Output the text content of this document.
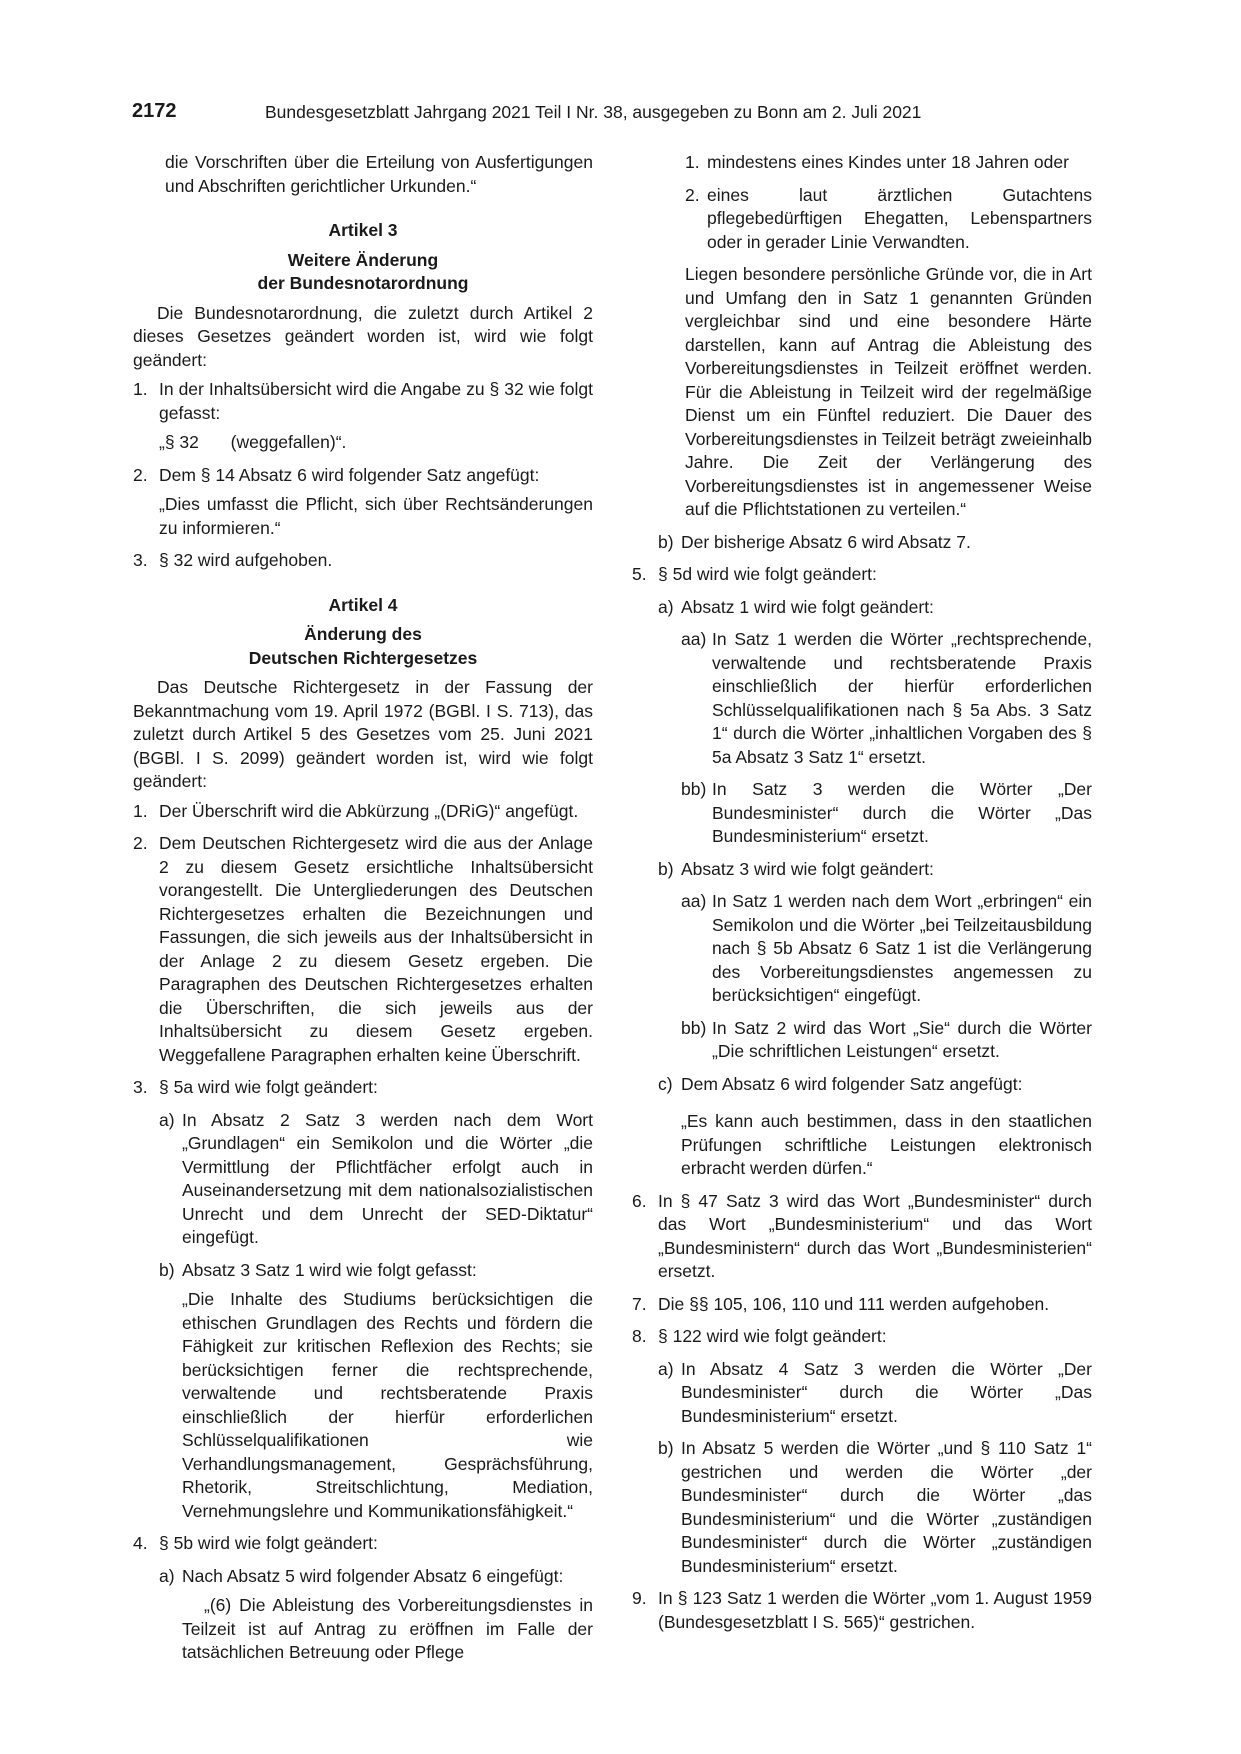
2172	Bundesgesetzblatt Jahrgang 2021 Teil I Nr. 38, ausgegeben zu Bonn am 2. Juli 2021

die Vorschriften über die Erteilung von Ausfertigungen und Abschriften gerichtlicher Urkunden.“

Artikel 3

Weitere Änderung

der Bundesnotarordnung

Die Bundesnotarordnung, die zuletzt durch Artikel 2 dieses Gesetzes geändert worden ist, wird wie folgt geändert:

1. In der Inhaltsübersicht wird die Angabe zu § 32 wie folgt gefasst:
„§ 32 (weggefallen)“.
2. Dem § 14 Absatz 6 wird folgender Satz angefügt:

„Dies umfasst die Pflicht, sich über Rechtsänderungen zu informieren.“

3. § 32 wird aufgehoben.

Artikel 4

Änderung des

Deutschen Richtergesetzes

Das Deutsche Richtergesetz in der Fassung der Bekanntmachung vom 19. April 1972 (BGBl. I S. 713), das zuletzt durch Artikel 5 des Gesetzes vom 25. Juni 2021 (BGBl. I S. 2099) geändert worden ist, wird wie folgt geändert:

1. Der Überschrift wird die Abkürzung „(DRiG)“ angefügt.
2. Dem Deutschen Richtergesetz wird die aus der Anlage 2 zu diesem Gesetz ersichtliche Inhaltsübersicht vorangestellt. Die Untergliederungen des Deutschen Richtergesetzes erhalten die Bezeichnungen und Fassungen, die sich jeweils aus der Inhaltsübersicht in der Anlage 2 zu diesem Gesetz ergeben. Die Paragraphen des Deutschen Richtergesetzes erhalten die Überschriften, die sich jeweils aus der Inhaltsübersicht zu diesem Gesetz ergeben. Weggefallene Paragraphen erhalten keine Überschrift.
3. § 5a wird wie folgt geändert:
a) In Absatz 2 Satz 3 werden nach dem Wort „Grundlagen“ ein Semikolon und die Wörter „die Vermittlung der Pflichtfächer erfolgt auch in Auseinandersetzung mit dem nationalsozialistischen Unrecht und dem Unrecht der SED-Diktatur“ eingefügt.
b) Absatz 3 Satz 1 wird wie folgt gefasst:

„Die Inhalte des Studiums berücksichtigen die ethischen Grundlagen des Rechts und fördern die Fähigkeit zur kritischen Reflexion des Rechts; sie berücksichtigen ferner die rechtsprechende, verwaltende und rechtsberatende Praxis einschließlich der hierfür erforderlichen Schlüsselqualifikationen wie Verhandlungsmanagement, Gesprächsführung, Rhetorik, Streitschlichtung, Mediation, Vernehmungslehre und Kommunikationsfähigkeit.“

4. § 5b wird wie folgt geändert:
a) Nach Absatz 5 wird folgender Absatz 6 eingefügt:

„(6) Die Ableistung des Vorbereitungsdienstes in Teilzeit ist auf Antrag zu eröffnen im Falle der tatsächlichen Betreuung oder Pflege

1. mindestens eines Kindes unter 18 Jahren oder
2. eines laut ärztlichen Gutachtens pflegebedürftigen Ehegatten, Lebenspartners oder in gerader Linie Verwandten.

Liegen besondere persönliche Gründe vor, die in Art und Umfang den in Satz 1 genannten Gründen vergleichbar sind und eine besondere Härte darstellen, kann auf Antrag die Ableistung des Vorbereitungsdienstes in Teilzeit eröffnet werden. Für die Ableistung in Teilzeit wird der regelmäßige Dienst um ein Fünftel reduziert. Die Dauer des Vorbereitungsdienstes in Teilzeit beträgt zweieinhalb Jahre. Die Zeit der Verlängerung des Vorbereitungsdienstes ist in angemessener Weise auf die Pflichtstationen zu verteilen.“

b) Der bisherige Absatz 6 wird Absatz 7.
5. § 5d wird wie folgt geändert:
a) Absatz 1 wird wie folgt geändert:
aa) In Satz 1 werden die Wörter „rechtsprechende, verwaltende und rechtsberatende Praxis einschließlich der hierfür erforderlichen Schlüsselqualifikationen nach § 5a Abs. 3 Satz 1“ durch die Wörter „inhaltlichen Vorgaben des § 5a Absatz 3 Satz 1“ ersetzt.
bb) In Satz 3 werden die Wörter „Der Bundesminister“ durch die Wörter „Das Bundesministerium“ ersetzt.
b) Absatz 3 wird wie folgt geändert:
aa) In Satz 1 werden nach dem Wort „erbringen“ ein Semikolon und die Wörter „bei Teilzeitausbildung nach § 5b Absatz 6 Satz 1 ist die Verlängerung des Vorbereitungsdienstes angemessen zu berücksichtigen“ eingefügt.
bb) In Satz 2 wird das Wort „Sie“ durch die Wörter „Die schriftlichen Leistungen“ ersetzt.
c) Dem Absatz 6 wird folgender Satz angefügt:

„Es kann auch bestimmen, dass in den staatlichen Prüfungen schriftliche Leistungen elektronisch erbracht werden dürfen.“

6. In § 47 Satz 3 wird das Wort „Bundesminister“ durch das Wort „Bundesministerium“ und das Wort „Bundesministern“ durch das Wort „Bundesministerien“ ersetzt.
7. Die §§ 105, 106, 110 und 111 werden aufgehoben.
8. § 122 wird wie folgt geändert:
a) In Absatz 4 Satz 3 werden die Wörter „Der Bundesminister“ durch die Wörter „Das Bundesministerium“ ersetzt.
b) In Absatz 5 werden die Wörter „und § 110 Satz 1“ gestrichen und werden die Wörter „der Bundesminister“ durch die Wörter „das Bundesministerium“ und die Wörter „zuständigen Bundesminister“ durch die Wörter „zuständigen Bundesministerium“ ersetzt.
9. In § 123 Satz 1 werden die Wörter „vom 1. August 1959 (Bundesgesetzblatt I S. 565)“ gestrichen.
